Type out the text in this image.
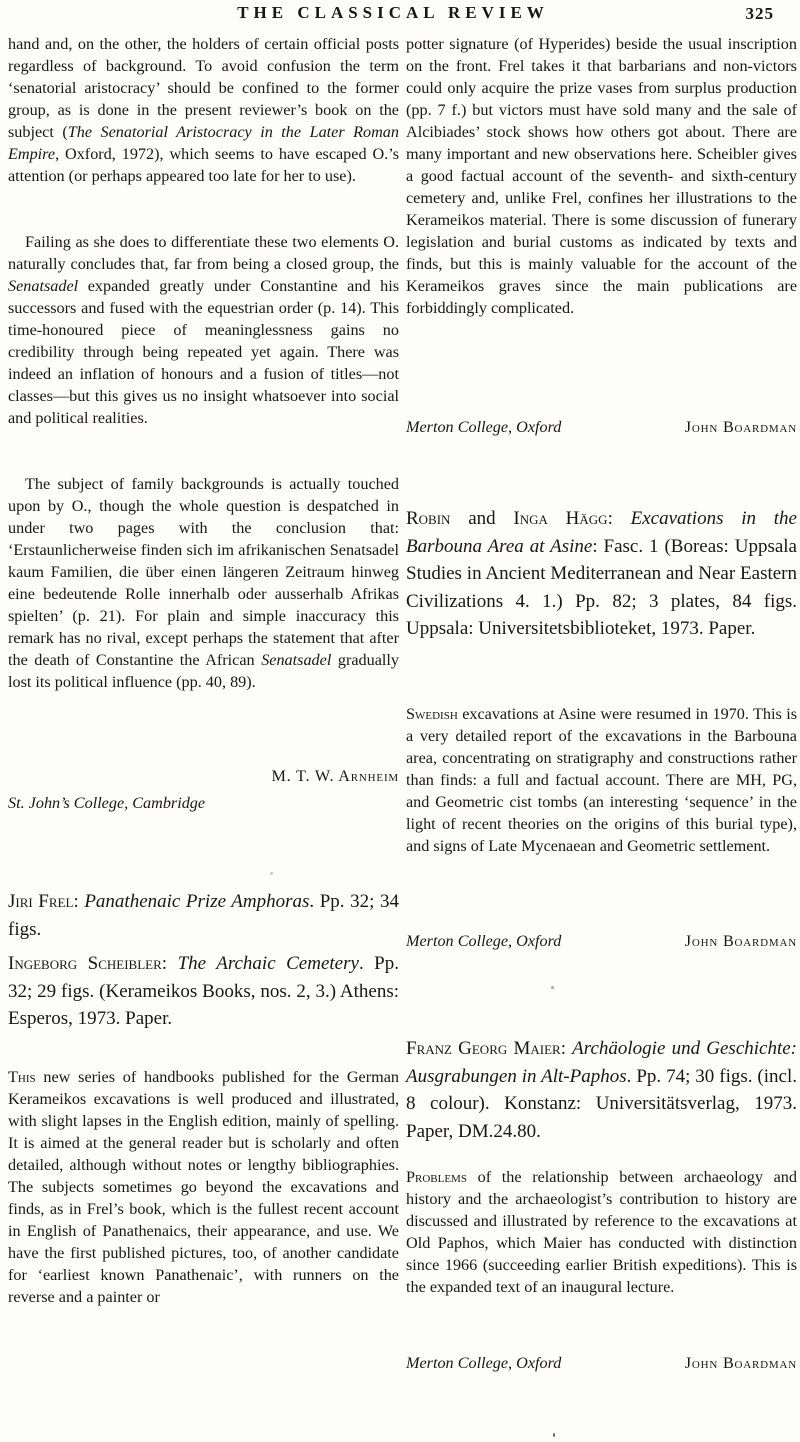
THE CLASSICAL REVIEW	325
hand and, on the other, the holders of certain official posts regardless of background. To avoid confusion the term ‘senatorial aristocracy’ should be confined to the former group, as is done in the present reviewer’s book on the subject (The Senatorial Aristocracy in the Later Roman Empire, Oxford, 1972), which seems to have escaped O.’s attention (or perhaps appeared too late for her to use).
Failing as she does to differentiate these two elements O. naturally concludes that, far from being a closed group, the Senatsadel expanded greatly under Constantine and his successors and fused with the equestrian order (p. 14). This time-honoured piece of meaninglessness gains no credibility through being repeated yet again. There was indeed an inflation of honours and a fusion of titles—not classes—but this gives us no insight whatsoever into social and political realities.
The subject of family backgrounds is actually touched upon by O., though the whole question is despatched in under two pages with the conclusion that: ‘Erstaunlicherweise finden sich im afrikanischen Senatsadel kaum Familien, die über einen längeren Zeitraum hinweg eine bedeutende Rolle innerhalb oder ausserhalb Afrikas spielten’ (p. 21). For plain and simple inaccuracy this remark has no rival, except perhaps the statement that after the death of Constantine the African Senatsadel gradually lost its political influence (pp. 40, 89).
M. T. W. Arnheim
St. John’s College, Cambridge
Jiri Frel: Panathenaic Prize Amphoras. Pp. 32; 34 figs.
Ingeborg Scheibler: The Archaic Cemetery. Pp. 32; 29 figs. (Kerameikos Books, nos. 2, 3.) Athens: Esperos, 1973. Paper.
This new series of handbooks published for the German Kerameikos excavations is well produced and illustrated, with slight lapses in the English edition, mainly of spelling. It is aimed at the general reader but is scholarly and often detailed, although without notes or lengthy bibliographies. The subjects sometimes go beyond the excavations and finds, as in Frel’s book, which is the fullest recent account in English of Panathenaics, their appearance, and use. We have the first published pictures, too, of another candidate for ‘earliest known Panathenaic’, with runners on the reverse and a painter or
potter signature (of Hyperides) beside the usual inscription on the front. Frel takes it that barbarians and non-victors could only acquire the prize vases from surplus production (pp. 7 f.) but victors must have sold many and the sale of Alcibiades’ stock shows how others got about. There are many important and new observations here. Scheibler gives a good factual account of the seventh- and sixth-century cemetery and, unlike Frel, confines her illustrations to the Kerameikos material. There is some discussion of funerary legislation and burial customs as indicated by texts and finds, but this is mainly valuable for the account of the Kerameikos graves since the main publications are forbiddingly complicated.
Merton College, Oxford	John Boardman
Robin and Inga Hägg: Excavations in the Barbouna Area at Asine: Fasc. 1 (Boreas: Uppsala Studies in Ancient Mediterranean and Near Eastern Civilizations 4. 1.) Pp. 82; 3 plates, 84 figs. Uppsala: Universitetsbiblioteket, 1973. Paper.
Swedish excavations at Asine were resumed in 1970. This is a very detailed report of the excavations in the Barbouna area, concentrating on stratigraphy and constructions rather than finds: a full and factual account. There are MH, PG, and Geometric cist tombs (an interesting ‘sequence’ in the light of recent theories on the origins of this burial type), and signs of Late Mycenaean and Geometric settlement.
Merton College, Oxford	John Boardman
Franz Georg Maier: Archäologie und Geschichte: Ausgrabungen in Alt-Paphos. Pp. 74; 30 figs. (incl. 8 colour). Konstanz: Universitätsverlag, 1973. Paper, DM.24.80.
Problems of the relationship between archaeology and history and the archaeologist’s contribution to history are discussed and illustrated by reference to the excavations at Old Paphos, which Maier has conducted with distinction since 1966 (succeeding earlier British expeditions). This is the expanded text of an inaugural lecture.
Merton College, Oxford	John Boardman
